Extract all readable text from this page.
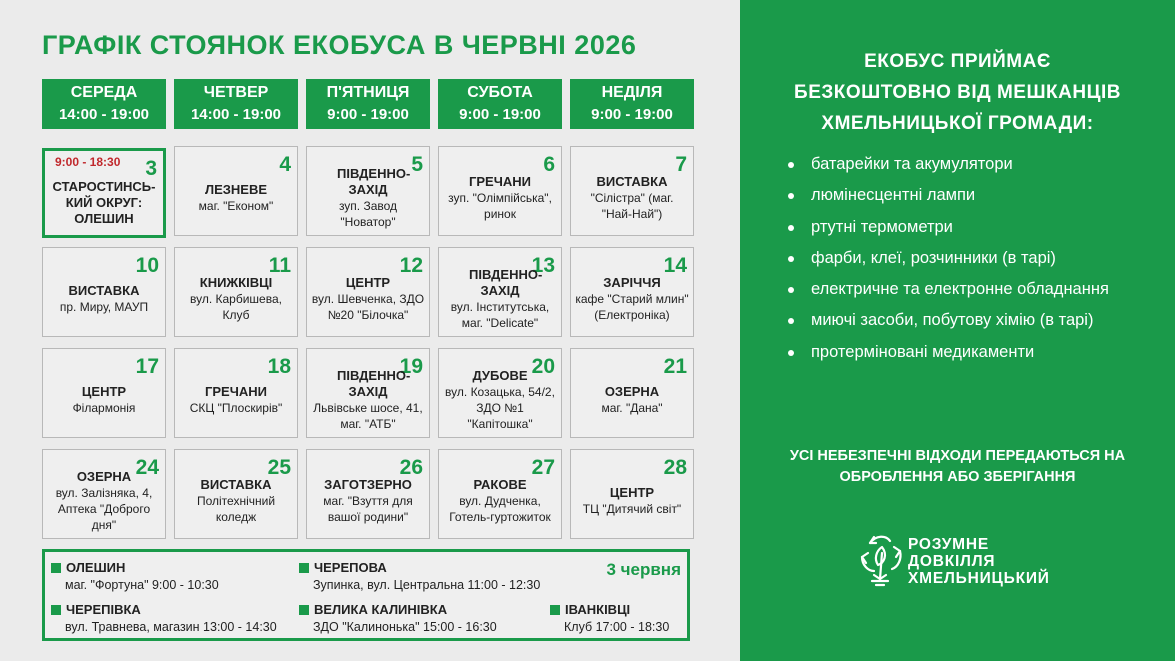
ГРАФІК СТОЯНОК ЕКОБУСА В ЧЕРВНІ 2026
СЕРЕДА
14:00 - 19:00
ЧЕТВЕР
14:00 - 19:00
П'ЯТНИЦЯ
9:00 - 19:00
СУБОТА
9:00 - 19:00
НЕДІЛЯ
9:00 - 19:00
9:00 - 18:30 3
СТАРОСТИНСЬ-КИЙ ОКРУГ: ОЛЕШИН
4
ЛЕЗНЕВЕ
маг. "Економ"
5
ПІВДЕННО-ЗАХІД
зуп. Завод "Новатор"
6
ГРЕЧАНИ
зуп. "Олімпійська", ринок
7
ВИСТАВКА
"Сілістра" (маг. "Най-Най")
10
ВИСТАВКА
пр. Миру, МАУП
11
КНИЖКІВЦІ
вул. Карбишева, Клуб
12
ЦЕНТР
вул. Шевченка, ЗДО №20 "Білочка"
13
ПІВДЕННО-ЗАХІД
вул. Інститутська, маг. "Delicate"
14
ЗАРІЧЧЯ
кафе "Старий млин" (Електроніка)
17
ЦЕНТР
Філармонія
18
ГРЕЧАНИ
СКЦ "Плоскирів"
19
ПІВДЕННО-ЗАХІД
Львівське шосе, 41, маг. "АТБ"
20
ДУБОВЕ
вул. Козацька, 54/2, ЗДО №1 "Капітошка"
21
ОЗЕРНА
маг. "Дана"
24
ОЗЕРНА
вул. Залізняка, 4, Аптека "Доброго дня"
25
ВИСТАВКА
Політехнічний коледж
26
ЗАГОТЗЕРНО
маг. "Взуття для вашої родини"
27
РАКОВЕ
вул. Дудченка, Готель-гуртожиток
28
ЦЕНТР
ТЦ "Дитячий світ"
3 червня
ОЛЕШИН
маг. "Фортуна" 9:00 - 10:30
ЧЕРЕПОВА
Зупинка, вул. Центральна 11:00 - 12:30
ЧЕРЕПІВКА
вул. Травнева, магазин 13:00 - 14:30
ВЕЛИКА КАЛИНІВКА
ЗДО "Калинонька" 15:00 - 16:30
ІВАНКІВЦІ
Клуб 17:00 - 18:30
ЕКОБУС ПРИЙМАЄ
БЕЗКОШТОВНО ВІД МЕШКАНЦІВ
ХМЕЛЬНИЦЬКОЇ ГРОМАДИ:
батарейки та акумулятори
люмінесцентні лампи
ртутні термометри
фарби, клеї, розчинники (в тарі)
електричне та електронне обладнання
миючі засоби, побутову хімію (в тарі)
протерміновані медикаменти
УСІ НЕБЕЗПЕЧНІ ВІДХОДИ ПЕРЕДАЮТЬСЯ НА
ОБРОБЛЕННЯ АБО ЗБЕРІГАННЯ
РОЗУМНЕ
ДОВКІЛЛЯ
ХМЕЛЬНИЦЬКИЙ
